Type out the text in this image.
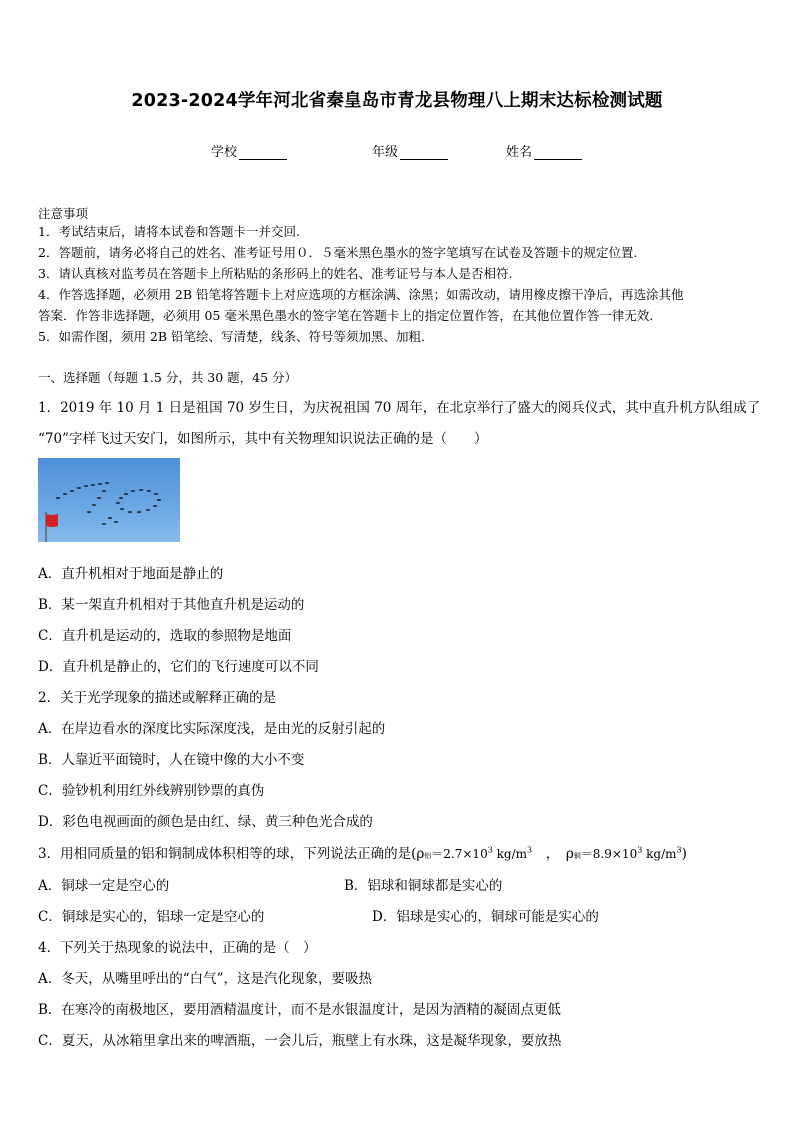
2023-2024学年河北省秦皇岛市青龙县物理八上期末达标检测试题
学校	年级	姓名
注意事项
1．考试结束后，请将本试卷和答题卡一并交回.
2．答题前，请务必将自己的姓名、准考证号用０．５毫米黑色墨水的签字笔填写在试卷及答题卡的规定位置.
3．请认真核对监考员在答题卡上所粘贴的条形码上的姓名、准考证号与本人是否相符.
4．作答选择题，必须用 2B 铅笔将答题卡上对应选项的方框涂满、涂黑；如需改动，请用橡皮擦干净后，再选涂其他
答案．作答非选择题，必须用 05 毫米黑色墨水的签字笔在答题卡上的指定位置作答，在其他位置作答一律无效．
5．如需作图，须用 2B 铅笔绘、写清楚，线条、符号等须加黑、加粗．
一、选择题（每题 1.5 分，共 30 题，45 分）
1．2019 年 10 月 1 日是祖国 70 岁生日，为庆祝祖国 70 周年，在北京举行了盛大的阅兵仪式，其中直升机方队组成了
“70”字样飞过天安门，如图所示，其中有关物理知识说法正确的是（　　）
A．直升机相对于地面是静止的
B．某一架直升机相对于其他直升机是运动的
C．直升机是运动的，选取的参照物是地面
D．直升机是静止的，它们的飞行速度可以不同
2．关于光学现象的描述或解释正确的是
A．在岸边看水的深度比实际深度浅，是由光的反射引起的
B．人靠近平面镜时，人在镜中像的大小不变
C．验钞机利用红外线辨别钞票的真伪
D．彩色电视画面的颜色是由红、绿、黄三种色光合成的
3．用相同质量的铝和铜制成体积相等的球，下列说法正确的是(ρ铝$=2.7\times 10^3$ $kg/m^3$　，　ρ铜$=8.9\times 10^3$ $kg/m^3$)
A．铜球一定是空心的	B．铝球和铜球都是实心的
C．铜球是实心的，铝球一定是空心的	D．铝球是实心的，铜球可能是实心的
4．下列关于热现象的说法中，正确的是（　）
A．冬天，从嘴里呼出的“白气”，这是汽化现象，要吸热
B．在寒冷的南极地区，要用酒精温度计，而不是水银温度计，是因为酒精的凝固点更低
C．夏天，从冰箱里拿出来的啤酒瓶，一会儿后，瓶壁上有水珠，这是凝华现象，要放热
